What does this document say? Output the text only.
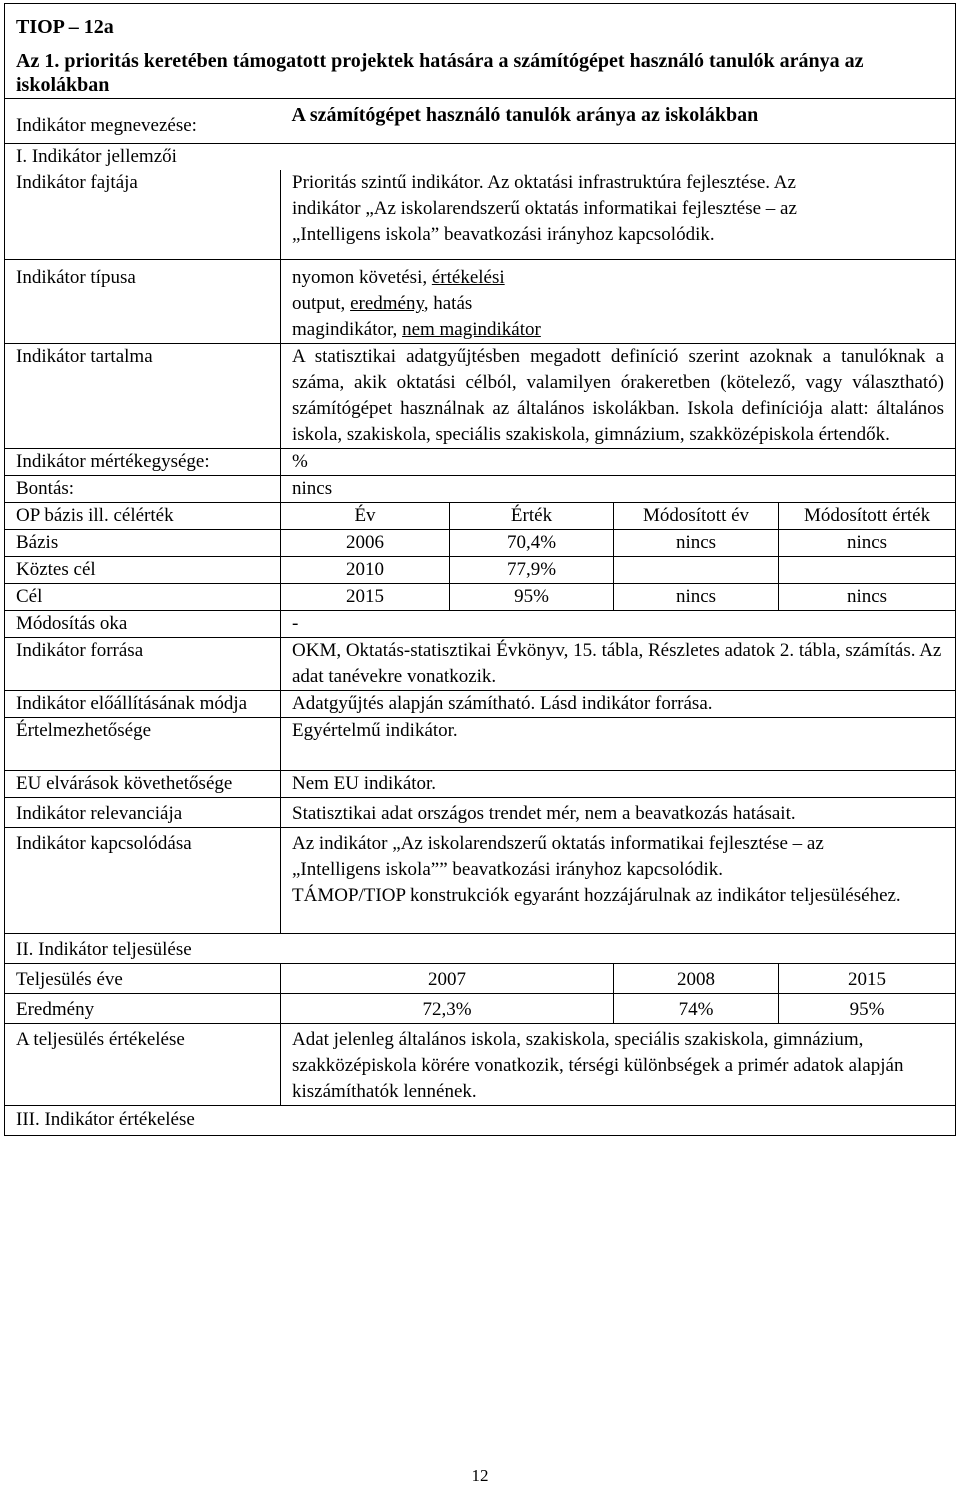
TIOP – 12a				
Az 1. prioritás keretében támogatott projektek hatására a számítógépet használó tanulók aránya az iskolákban				
Indikátor megnevezése:	A számítógépet használó tanulók aránya az iskolákban			
I. Indikátor jellemzői				
Indikátor fajtája	Prioritás szintű indikátor. Az oktatási infrastruktúra fejlesztése. Az
indikátor „Az iskolarendszerű oktatás informatikai fejlesztése – az
„Intelligens iskola” beavatkozási irányhoz kapcsolódik.			

Indikátor típusa	nyomon követési, értékelési
output, eredmény, hatás
magindikátor, nem magindikátor			

Indikátor tartalma	A statisztikai adatgyűjtésben megadott definíció szerint azoknak a tanulóknak a száma, akik oktatási célból, valamilyen órakeretben (kötelező, vagy választható) számítógépet használnak az általános iskolákban. Iskola definíciója alatt: általános iskola, szakiskola, speciális szakiskola, gimnázium, szakközépiskola értendők.			
Indikátor mértékegysége:	%			
Bontás:	nincs			
OP bázis ill. célérték	Év	Érték	Módosított év	Módosított érték
Bázis	2006	70,4%	nincs	nincs
Köztes cél	2010	77,9%		
Cél	2015	95%	nincs	nincs
Módosítás oka	-			
Indikátor forrása	OKM, Oktatás-statisztikai Évkönyv, 15. tábla, Részletes adatok 2. tábla, számítás. Az adat tanévekre vonatkozik.			
Indikátor előállításának módja	Adatgyűjtés alapján számítható. Lásd indikátor forrása.			
Értelmezhetősége	Egyértelmű indikátor.			
EU elvárások követhetősége	Nem EU indikátor.			
Indikátor relevanciája	Statisztikai adat országos trendet mér, nem a beavatkozás hatásait.			
Indikátor kapcsolódása	Az indikátor „Az iskolarendszerű oktatás informatikai fejlesztése – az
„Intelligens iskola”” beavatkozási irányhoz kapcsolódik.
TÁMOP/TIOP konstrukciók egyaránt hozzájárulnak az indikátor teljesüléséhez.			

II. Indikátor teljesülése				
Teljesülés éve	2007		2008	2015
Eredmény	72,3%		74%	95%
A teljesülés értékelése	Adat jelenleg általános iskola, szakiskola, speciális szakiskola, gimnázium, szakközépiskola körére vonatkozik, térségi különbségek a primér adatok alapján kiszámíthatók lennének.			
III. Indikátor értékelése				
12
